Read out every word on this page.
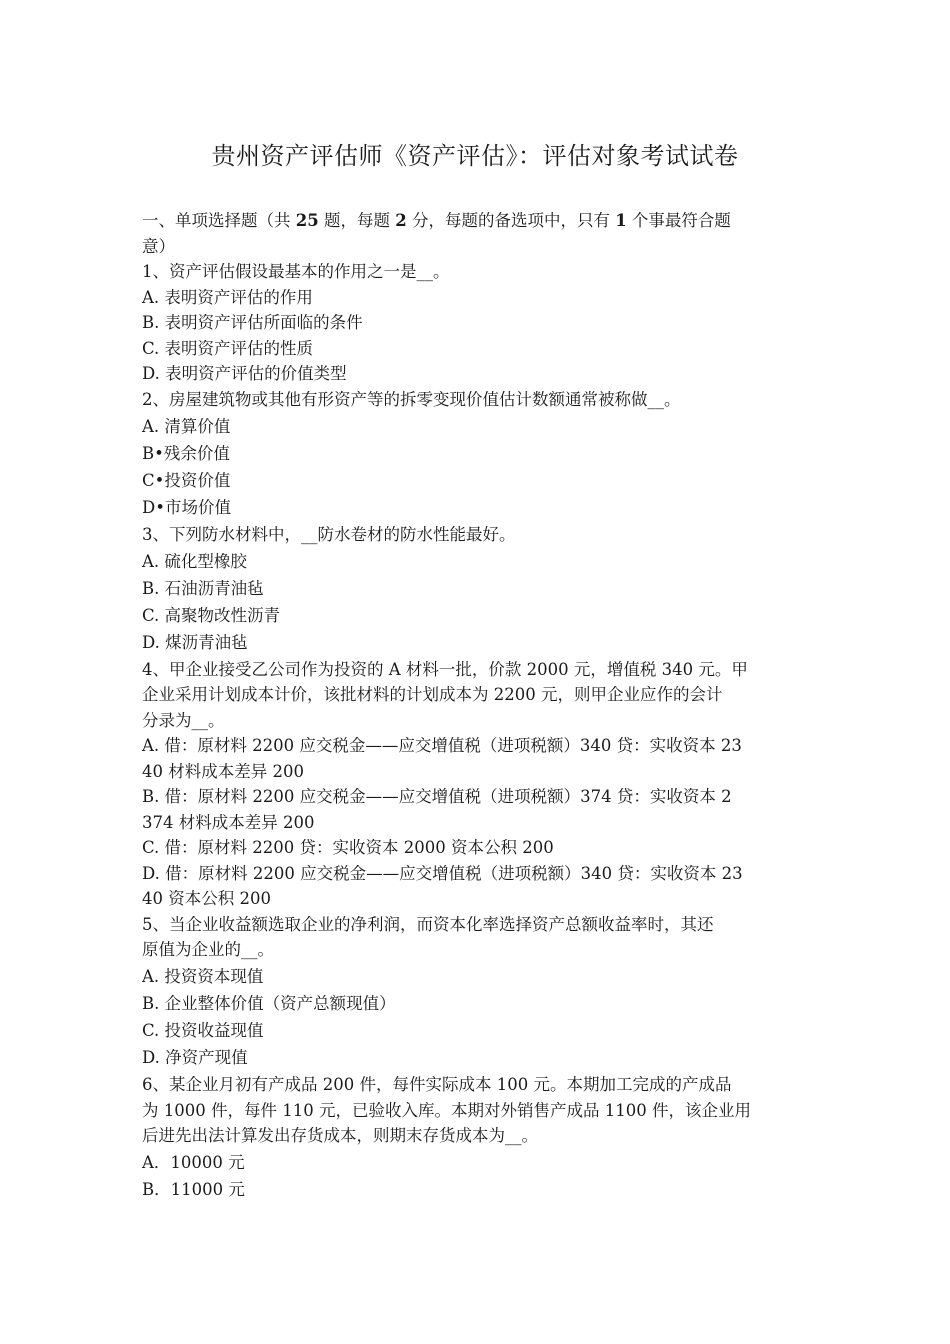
贵州资产评估师《资产评估》：评估对象考试试卷
一、单项选择题（共 25 题，每题 2 分，每题的备选项中，只有 1 个事最符合题
意）
1、资产评估假设最基本的作用之一是__。
A. 表明资产评估的作用
B. 表明资产评估所面临的条件
C. 表明资产评估的性质
D. 表明资产评估的价值类型
2、房屋建筑物或其他有形资产等的拆零变现价值估计数额通常被称做__。
A. 清算价值
B•残余价值
C•投资价值
D•市场价值
3、下列防水材料中，__防水卷材的防水性能最好。
A. 硫化型橡胶
B. 石油沥青油毡
C. 高聚物改性沥青
D. 煤沥青油毡
4、甲企业接受乙公司作为投资的 A 材料一批，价款 2000 元，增值税 340 元。甲
企业采用计划成本计价，该批材料的计划成本为 2200 元，则甲企业应作的会计
分录为__。
A. 借：原材料 2200 应交税金——应交增值税（进项税额）340 贷：实收资本 23
40 材料成本差异 200
B. 借：原材料 2200 应交税金——应交增值税（进项税额）374 贷：实收资本 2
374 材料成本差异 200
C. 借：原材料 2200 贷：实收资本 2000 资本公积 200
D. 借：原材料 2200 应交税金——应交增值税（进项税额）340 贷：实收资本 23
40 资本公积 200
5、当企业收益额选取企业的净利润，而资本化率选择资产总额收益率时，其还
原值为企业的__。
A. 投资资本现值
B. 企业整体价值（资产总额现值）
C. 投资收益现值
D. 净资产现值
6、某企业月初有产成品 200 件，每件实际成本 100 元。本期加工完成的产成品
为 1000 件，每件 110 元，已验收入库。本期对外销售产成品 1100 件，该企业用
后进先出法计算发出存货成本，则期末存货成本为__。
A．10000 元
B．11000 元
